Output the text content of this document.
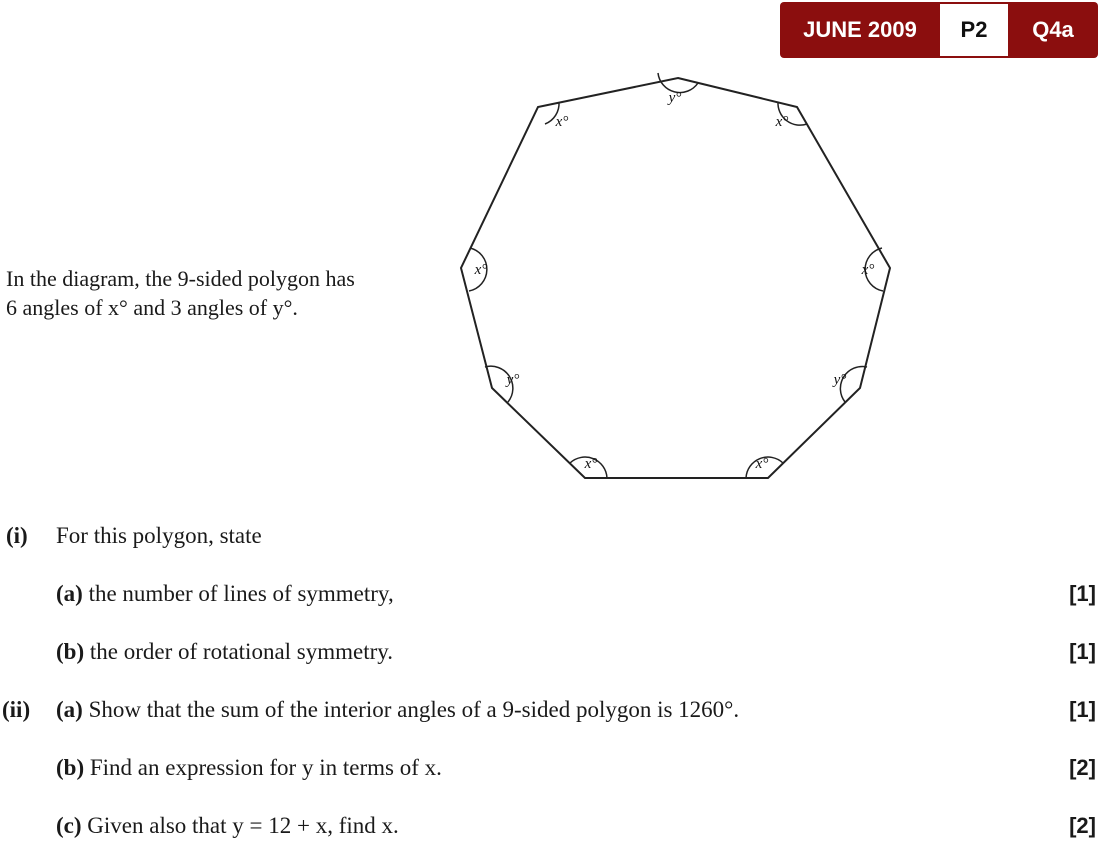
JUNE 2009	P2	Q4a
In the diagram, the 9-sided polygon has
6 angles of x° and 3 angles of y°.
y°
x°
x°
y°
x°
x°
y°
x°
x°
(i) For this polygon, state
(a) the number of lines of symmetry,	[1]
(b) the order of rotational symmetry.	[1]
(ii) (a) Show that the sum of the interior angles of a 9-sided polygon is 1260°.	[1]
(b) Find an expression for y in terms of x.	[2]
(c) Given also that y = 12 + x, find x.	[2]
